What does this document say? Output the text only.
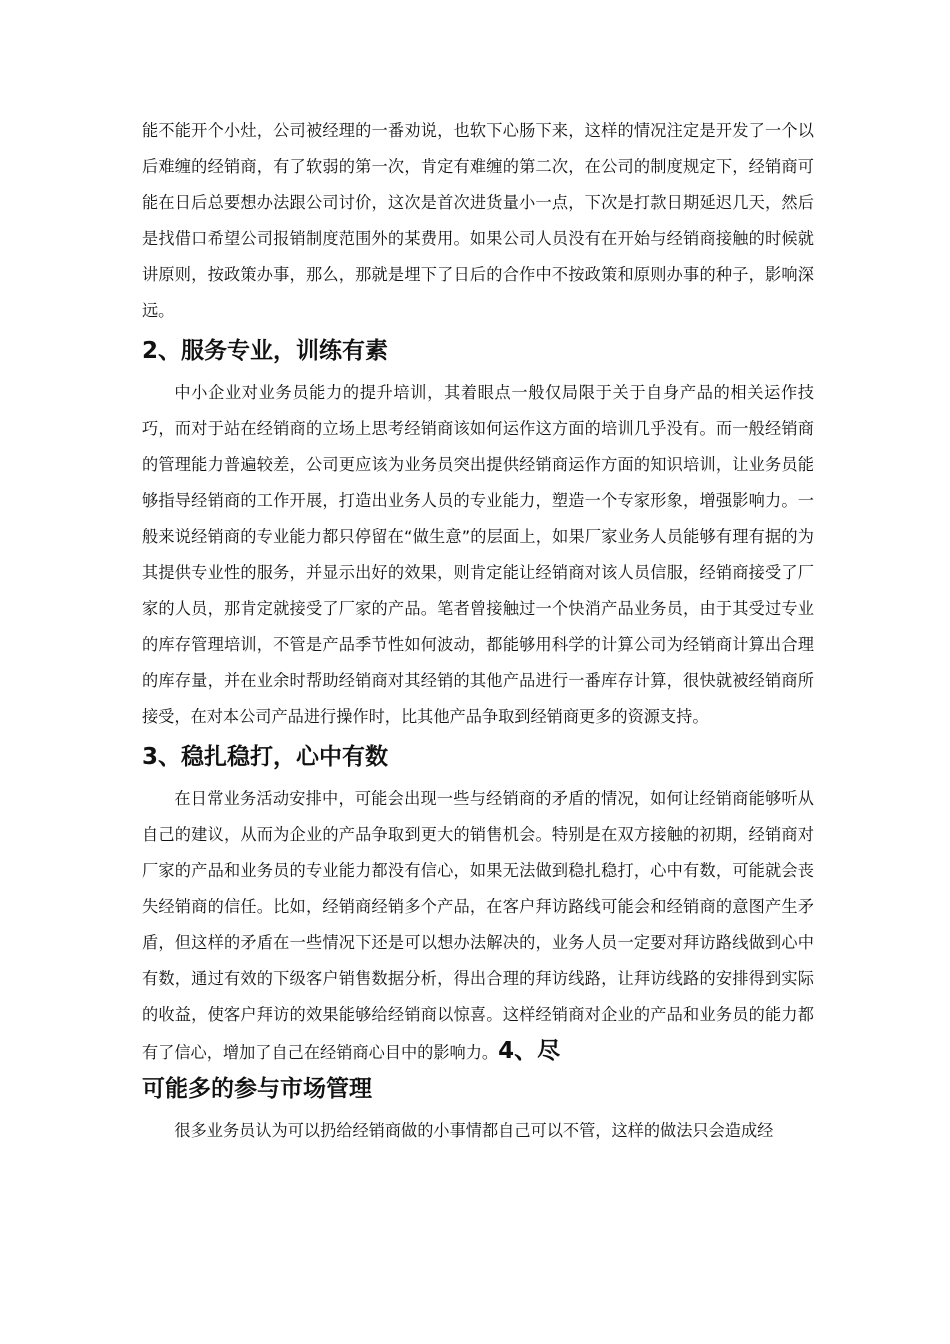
能不能开个小灶，公司被经理的一番劝说，也软下心肠下来，这样的情况注定是开发了一个以后难缠的经销商，有了软弱的第一次，肯定有难缠的第二次，在公司的制度规定下，经销商可能在日后总要想办法跟公司讨价，这次是首次进货量小一点，下次是打款日期延迟几天，然后是找借口希望公司报销制度范围外的某费用。如果公司人员没有在开始与经销商接触的时候就讲原则，按政策办事，那么，那就是埋下了日后的合作中不按政策和原则办事的种子，影响深远。

2、服务专业，训练有素

中小企业对业务员能力的提升培训，其着眼点一般仅局限于关于自身产品的相关运作技巧，而对于站在经销商的立场上思考经销商该如何运作这方面的培训几乎没有。而一般经销商的管理能力普遍较差，公司更应该为业务员突出提供经销商运作方面的知识培训，让业务员能够指导经销商的工作开展，打造出业务人员的专业能力，塑造一个专家形象，增强影响力。一般来说经销商的专业能力都只停留在“做生意”的层面上，如果厂家业务人员能够有理有据的为其提供专业性的服务，并显示出好的效果，则肯定能让经销商对该人员信服，经销商接受了厂家的人员，那肯定就接受了厂家的产品。笔者曾接触过一个快消产品业务员，由于其受过专业的库存管理培训，不管是产品季节性如何波动，都能够用科学的计算公司为经销商计算出合理的库存量，并在业余时帮助经销商对其经销的其他产品进行一番库存计算，很快就被经销商所接受，在对本公司产品进行操作时，比其他产品争取到经销商更多的资源支持。

3、稳扎稳打，心中有数

在日常业务活动安排中，可能会出现一些与经销商的矛盾的情况，如何让经销商能够听从自己的建议，从而为企业的产品争取到更大的销售机会。特别是在双方接触的初期，经销商对厂家的产品和业务员的专业能力都没有信心，如果无法做到稳扎稳打，心中有数，可能就会丧失经销商的信任。比如，经销商经销多个产品，在客户拜访路线可能会和经销商的意图产生矛盾，但这样的矛盾在一些情况下还是可以想办法解决的，业务人员一定要对拜访路线做到心中有数，通过有效的下级客户销售数据分析，得出合理的拜访线路，让拜访线路的安排得到实际的收益，使客户拜访的效果能够给经销商以惊喜。这样经销商对企业的产品和业务员的能力都有了信心，增加了自己在经销商心目中的影响力。4、尽

可能多的参与市场管理

很多业务员认为可以扔给经销商做的小事情都自己可以不管，这样的做法只会造成经
